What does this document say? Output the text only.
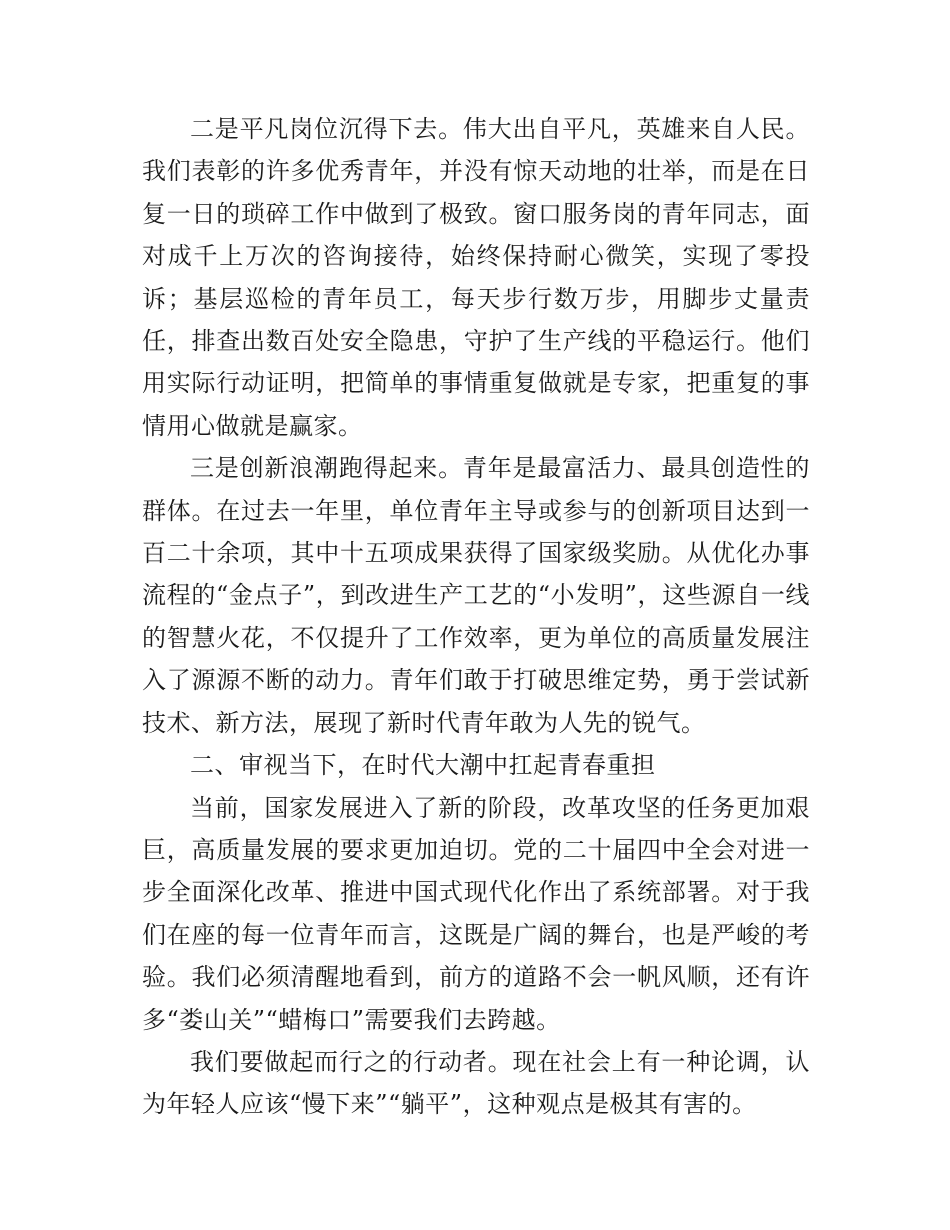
二是平凡岗位沉得下去。伟大出自平凡，英雄来自人民。我们表彰的许多优秀青年，并没有惊天动地的壮举，而是在日复一日的琐碎工作中做到了极致。窗口服务岗的青年同志，面对成千上万次的咨询接待，始终保持耐心微笑，实现了零投诉；基层巡检的青年员工，每天步行数万步，用脚步丈量责任，排查出数百处安全隐患，守护了生产线的平稳运行。他们用实际行动证明，把简单的事情重复做就是专家，把重复的事情用心做就是赢家。

三是创新浪潮跑得起来。青年是最富活力、最具创造性的群体。在过去一年里，单位青年主导或参与的创新项目达到一百二十余项，其中十五项成果获得了国家级奖励。从优化办事流程的“金点子”，到改进生产工艺的“小发明”，这些源自一线的智慧火花，不仅提升了工作效率，更为单位的高质量发展注入了源源不断的动力。青年们敢于打破思维定势，勇于尝试新技术、新方法，展现了新时代青年敢为人先的锐气。

二、审视当下，在时代大潮中扛起青春重担

当前，国家发展进入了新的阶段，改革攻坚的任务更加艰巨，高质量发展的要求更加迫切。党的二十届四中全会对进一步全面深化改革、推进中国式现代化作出了系统部署。对于我们在座的每一位青年而言，这既是广阔的舞台，也是严峻的考验。我们必须清醒地看到，前方的道路不会一帆风顺，还有许多“娄山关”“蜡梅口”需要我们去跨越。

我们要做起而行之的行动者。现在社会上有一种论调，认为年轻人应该“慢下来”“躺平”，这种观点是极其有害的。
